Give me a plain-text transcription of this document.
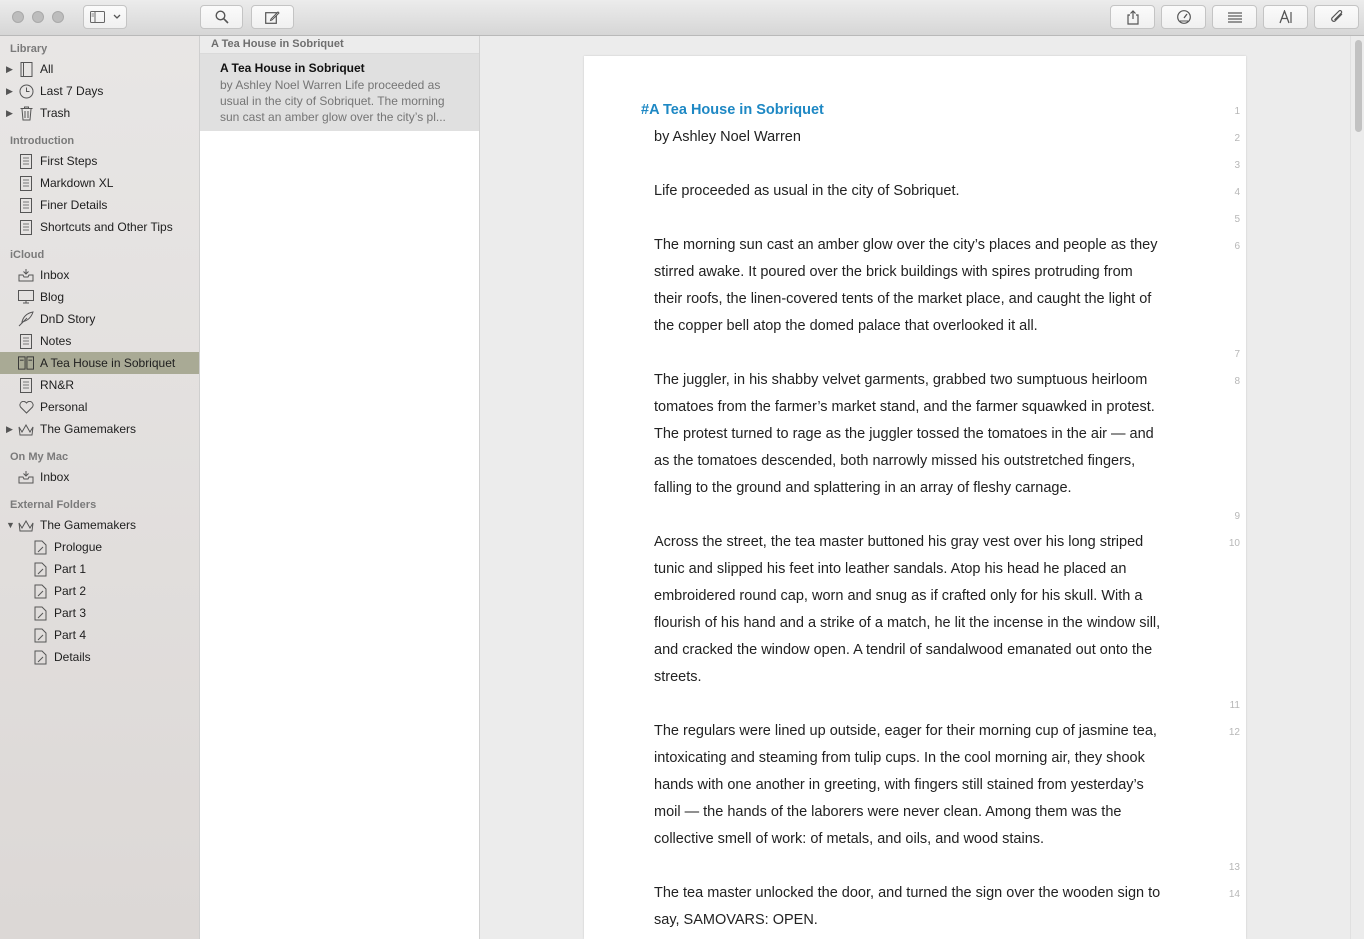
Library
▶ All
▶ Last 7 Days
▶ Trash
Introduction
First Steps
Markdown XL
Finer Details
Shortcuts and Other Tips
iCloud
Inbox
Blog
DnD Story
Notes
A Tea House in Sobriquet
RN&R
Personal
▶ The Gamemakers
On My Mac
Inbox
External Folders
▼ The Gamemakers
Prologue
Part 1
Part 2
Part 3
Part 4
Details
A Tea House in Sobriquet
A Tea House in Sobriquet
by Ashley Noel Warren Life proceeded as usual in the city of Sobriquet. The morning sun cast an amber glow over the city’s pl...	#A Tea House in Sobriquet
by Ashley Noel Warren
Life proceeded as usual in the city of Sobriquet.
The morning sun cast an amber glow over the city’s places and people as they
stirred awake. It poured over the brick buildings with spires protruding from
their roofs, the linen-covered tents of the market place, and caught the light of
the copper bell atop the domed palace that overlooked it all.
The juggler, in his shabby velvet garments, grabbed two sumptuous heirloom
tomatoes from the farmer’s market stand, and the farmer squawked in protest.
The protest turned to rage as the juggler tossed the tomatoes in the air — and
as the tomatoes descended, both narrowly missed his outstretched fingers,
falling to the ground and splattering in an array of fleshy carnage.
Across the street, the tea master buttoned his gray vest over his long striped
tunic and slipped his feet into leather sandals. Atop his head he placed an
embroidered round cap, worn and snug as if crafted only for his skull. With a
flourish of his hand and a strike of a match, he lit the incense in the window sill,
and cracked the window open. A tendril of sandalwood emanated out onto the
streets.
The regulars were lined up outside, eager for their morning cup of jasmine tea,
intoxicating and steaming from tulip cups. In the cool morning air, they shook
hands with one another in greeting, with fingers still stained from yesterday’s
moil — the hands of the laborers were never clean. Among them was the
collective smell of work: of metals, and oils, and wood stains.
The tea master unlocked the door, and turned the sign over the wooden sign to
say, SAMOVARS: OPEN.
1
2
3
4
5
6
7
8
9
10
11
12
13
14
